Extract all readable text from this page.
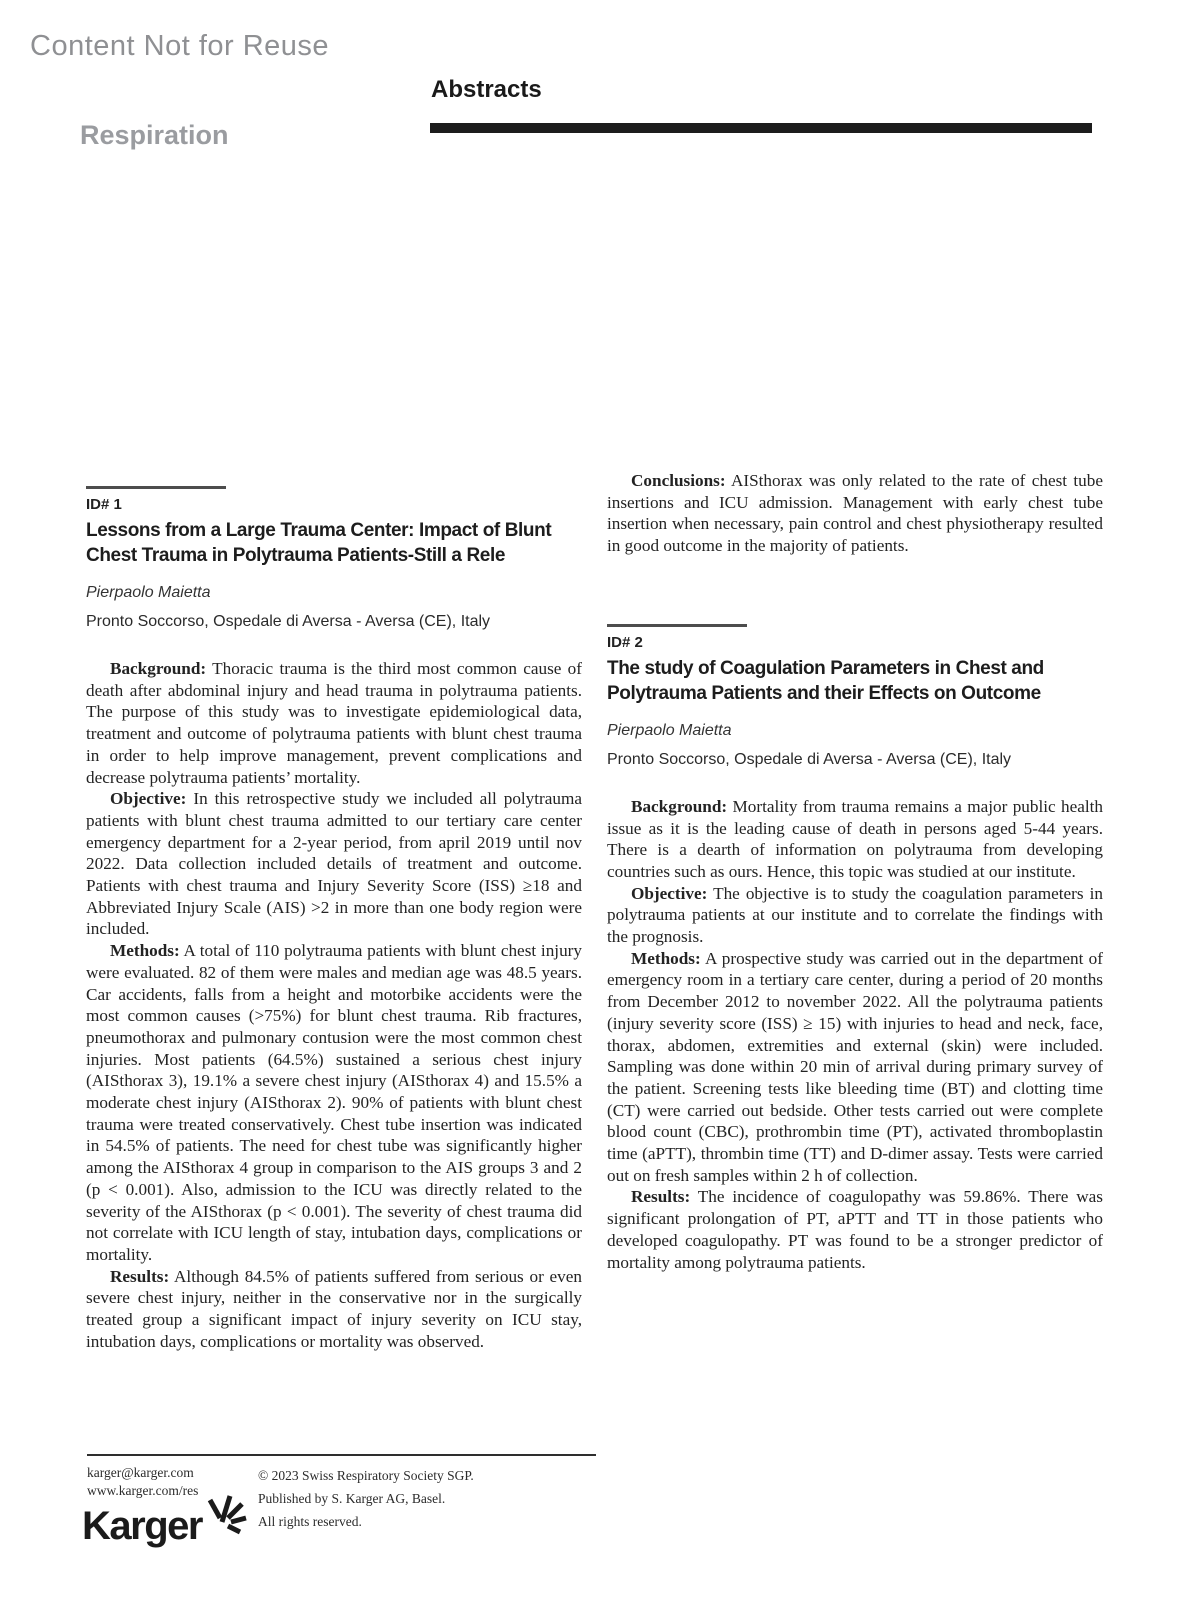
Content Not for Reuse
Abstracts
Respiration
ID# 1
Lessons from a Large Trauma Center: Impact of Blunt Chest Trauma in Polytrauma Patients-Still a Rele
Pierpaolo Maietta
Pronto Soccorso, Ospedale di Aversa - Aversa (CE), Italy

Background: Thoracic trauma is the third most common cause of death after abdominal injury and head trauma in polytrauma patients. The purpose of this study was to investigate epidemiological data, treatment and outcome of polytrauma patients with blunt chest trauma in order to help improve management, prevent complications and decrease polytrauma patients’ mortality.

Objective: In this retrospective study we included all polytrauma patients with blunt chest trauma admitted to our tertiary care center emergency department for a 2-year period, from april 2019 until nov 2022. Data collection included details of treatment and outcome. Patients with chest trauma and Injury Severity Score (ISS) ≥18 and Abbreviated Injury Scale (AIS) >2 in more than one body region were included.

Methods: A total of 110 polytrauma patients with blunt chest injury were evaluated. 82 of them were males and median age was 48.5 years. Car accidents, falls from a height and motorbike accidents were the most common causes (>75%) for blunt chest trauma. Rib fractures, pneumothorax and pulmonary contusion were the most common chest injuries. Most patients (64.5%) sustained a serious chest injury (AISthorax 3), 19.1% a severe chest injury (AISthorax 4) and 15.5% a moderate chest injury (AISthorax 2). 90% of patients with blunt chest trauma were treated conservatively. Chest tube insertion was indicated in 54.5% of patients. The need for chest tube was significantly higher among the AISthorax 4 group in comparison to the AIS groups 3 and 2 (p < 0.001). Also, admission to the ICU was directly related to the severity of the AISthorax (p < 0.001). The severity of chest trauma did not correlate with ICU length of stay, intubation days, complications or mortality.

Results: Although 84.5% of patients suffered from serious or even severe chest injury, neither in the conservative nor in the surgically treated group a significant impact of injury severity on ICU stay, intubation days, complications or mortality was observed.

Conclusions: AISthorax was only related to the rate of chest tube insertions and ICU admission. Management with early chest tube insertion when necessary, pain control and chest physiotherapy resulted in good outcome in the majority of patients.

ID# 2
The study of Coagulation Parameters in Chest and Polytrauma Patients and their Effects on Outcome
Pierpaolo Maietta
Pronto Soccorso, Ospedale di Aversa - Aversa (CE), Italy

Background: Mortality from trauma remains a major public health issue as it is the leading cause of death in persons aged 5-44 years. There is a dearth of information on polytrauma from developing countries such as ours. Hence, this topic was studied at our institute.

Objective: The objective is to study the coagulation parameters in polytrauma patients at our institute and to correlate the findings with the prognosis.

Methods: A prospective study was carried out in the department of emergency room in a tertiary care center, during a period of 20 months from December 2012 to november 2022. All the polytrauma patients (injury severity score (ISS) ≥ 15) with injuries to head and neck, face, thorax, abdomen, extremities and external (skin) were included. Sampling was done within 20 min of arrival during primary survey of the patient. Screening tests like bleeding time (BT) and clotting time (CT) were carried out bedside. Other tests carried out were complete blood count (CBC), prothrombin time (PT), activated thromboplastin time (aPTT), thrombin time (TT) and D-dimer assay. Tests were carried out on fresh samples within 2 h of collection.

Results: The incidence of coagulopathy was 59.86%. There was significant prolongation of PT, aPTT and TT in those patients who developed coagulopathy. PT was found to be a stronger predictor of mortality among polytrauma patients.

karger@karger.com
www.karger.com/res
Karger
© 2023 Swiss Respiratory Society SGP.
Published by S. Karger AG, Basel.
All rights reserved.
